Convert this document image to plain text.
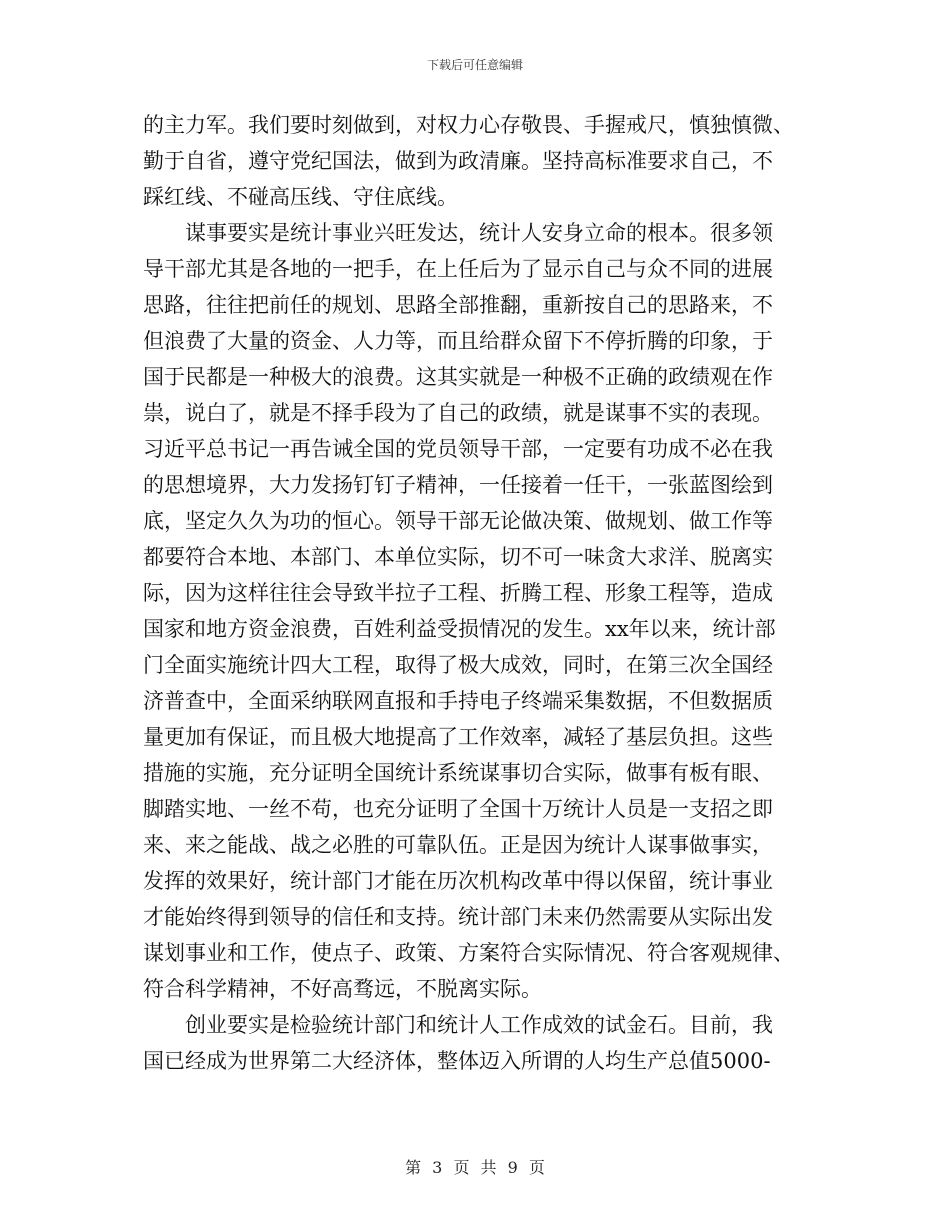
下载后可任意编辑
的主力军。我们要时刻做到，对权力心存敬畏、手握戒尺，慎独慎微、
勤于自省，遵守党纪国法，做到为政清廉。坚持高标准要求自己，不
踩红线、不碰高压线、守住底线。
谋事要实是统计事业兴旺发达，统计人安身立命的根本。很多领
导干部尤其是各地的一把手，在上任后为了显示自己与众不同的进展
思路，往往把前任的规划、思路全部推翻，重新按自己的思路来，不
但浪费了大量的资金、人力等，而且给群众留下不停折腾的印象，于
国于民都是一种极大的浪费。这其实就是一种极不正确的政绩观在作
祟，说白了，就是不择手段为了自己的政绩，就是谋事不实的表现。
习近平总书记一再告诫全国的党员领导干部，一定要有功成不必在我
的思想境界，大力发扬钉钉子精神，一任接着一任干，一张蓝图绘到
底，坚定久久为功的恒心。领导干部无论做决策、做规划、做工作等
都要符合本地、本部门、本单位实际，切不可一味贪大求洋、脱离实
际，因为这样往往会导致半拉子工程、折腾工程、形象工程等，造成
国家和地方资金浪费，百姓利益受损情况的发生。xx年以来，统计部
门全面实施统计四大工程，取得了极大成效，同时，在第三次全国经
济普查中，全面采纳联网直报和手持电子终端采集数据，不但数据质
量更加有保证，而且极大地提高了工作效率，减轻了基层负担。这些
措施的实施，充分证明全国统计系统谋事切合实际，做事有板有眼、
脚踏实地、一丝不苟，也充分证明了全国十万统计人员是一支招之即
来、来之能战、战之必胜的可靠队伍。正是因为统计人谋事做事实，
发挥的效果好，统计部门才能在历次机构改革中得以保留，统计事业
才能始终得到领导的信任和支持。统计部门未来仍然需要从实际出发
谋划事业和工作，使点子、政策、方案符合实际情况、符合客观规律、
符合科学精神，不好高骛远，不脱离实际。
创业要实是检验统计部门和统计人工作成效的试金石。目前，我
国已经成为世界第二大经济体，整体迈入所谓的人均生产总值5000-
第 3 页 共 9 页
